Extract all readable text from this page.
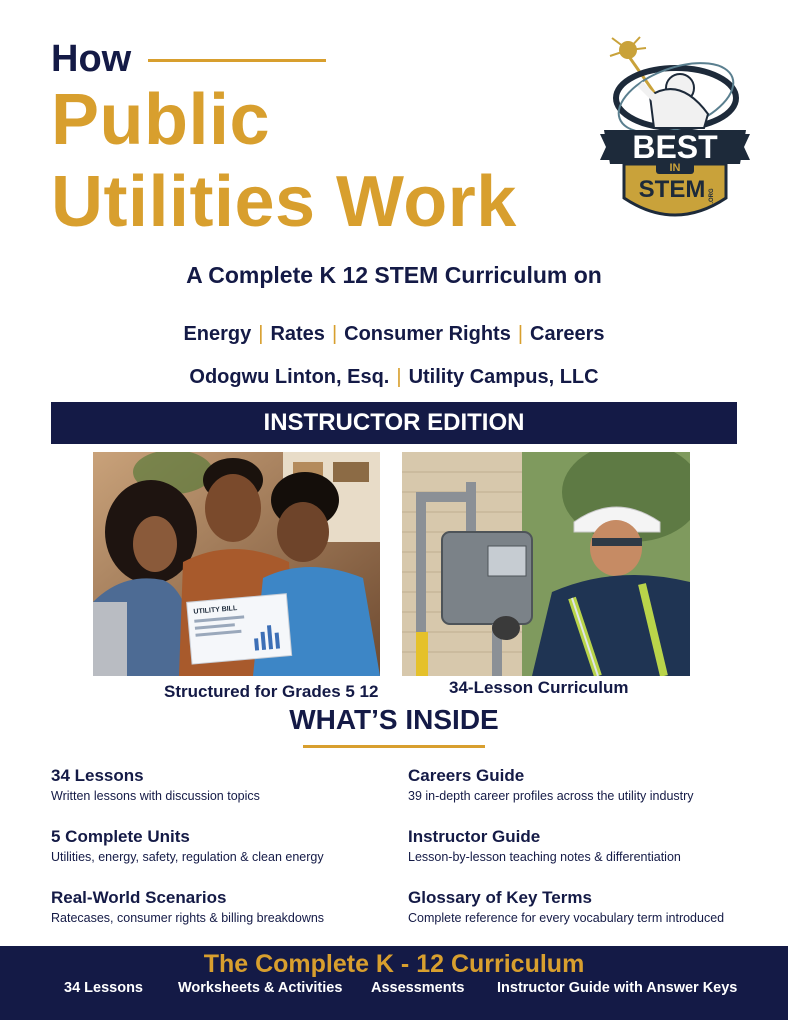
How
Public
Utilities Work
BEST
IN
STEM .ORG
A Complete K 12 STEM Curriculum on
Energy | Rates | Consumer Rights | Careers
Odogwu Linton, Esq. | Utility Campus, LLC
INSTRUCTOR EDITION
UTILITY BILL
Structured for Grades 5 12	34-Lesson Curriculum
WHAT’S INSIDE
34 Lessons
Written lessons with discussion topics
Careers Guide
39 in-depth career profiles across the utility industry
5 Complete Units
Utilities, energy, safety, regulation & clean energy
Instructor Guide
Lesson-by-lesson teaching notes & differentiation
Real-World Scenarios
Ratecases, consumer rights & billing breakdowns
Glossary of Key Terms
Complete reference for every vocabulary term introduced
The Complete K - 12 Curriculum
34 Lessons Worksheets & Activities Assessments Instructor Guide with Answer Keys
